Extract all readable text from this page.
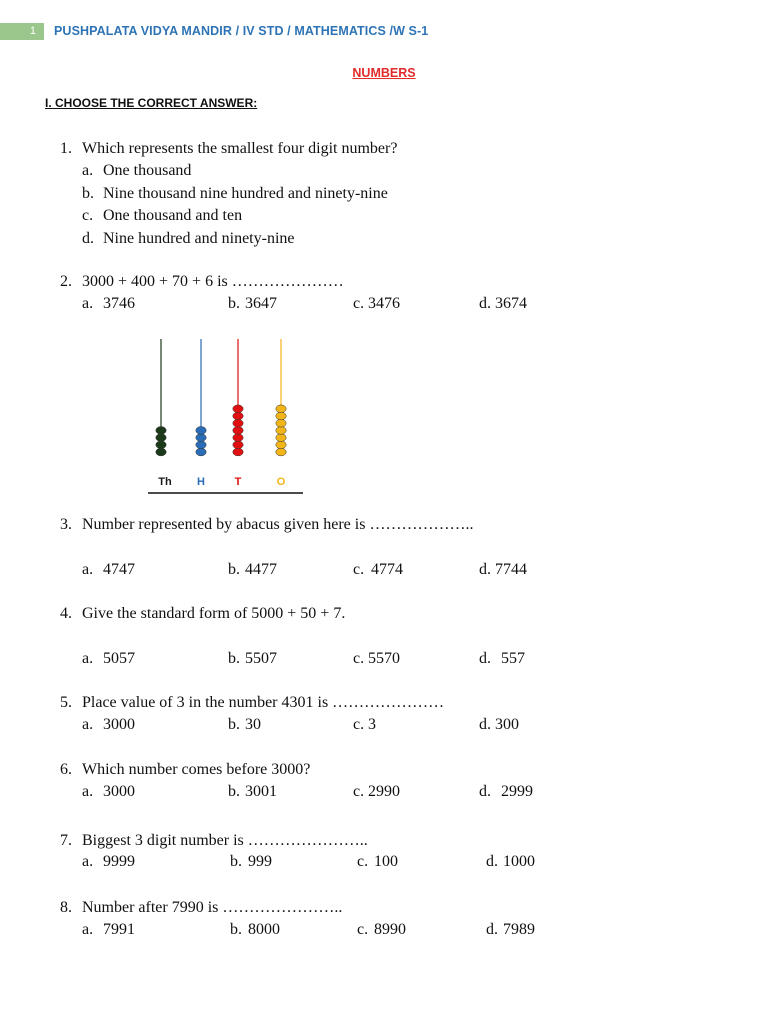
1	PUSHPALATA VIDYA MANDIR / IV STD / MATHEMATICS /W S-1
NUMBERS
I. CHOOSE THE CORRECT ANSWER:
1. Which represents the smallest four digit number?
a. One thousand
b. Nine thousand nine hundred and ninety-nine
c. One thousand and ten
d. Nine hundred and ninety-nine
2. 3000 + 400 + 70 + 6 is …………………
a. 3746	b. 3647	c. 3476	d. 3674
Th H	T	O
3. Number represented by abacus given here is ………………..
a. 4747	b. 4477	c. 4774	d. 7744
4. Give the standard form of 5000 + 50 + 7.
a. 5057	b. 5507	c. 5570	d. 557
5. Place value of 3 in the number 4301 is …………………
a. 3000	b. 30	c. 3	d. 300
6. Which number comes before 3000?
a. 3000	b. 3001	c. 2990	d. 2999
7. Biggest 3 digit number is …………………..
a. 9999	b. 999	c. 100	d. 1000
8. Number after 7990 is …………………..
a. 7991	b. 8000	c. 8990	d. 7989
